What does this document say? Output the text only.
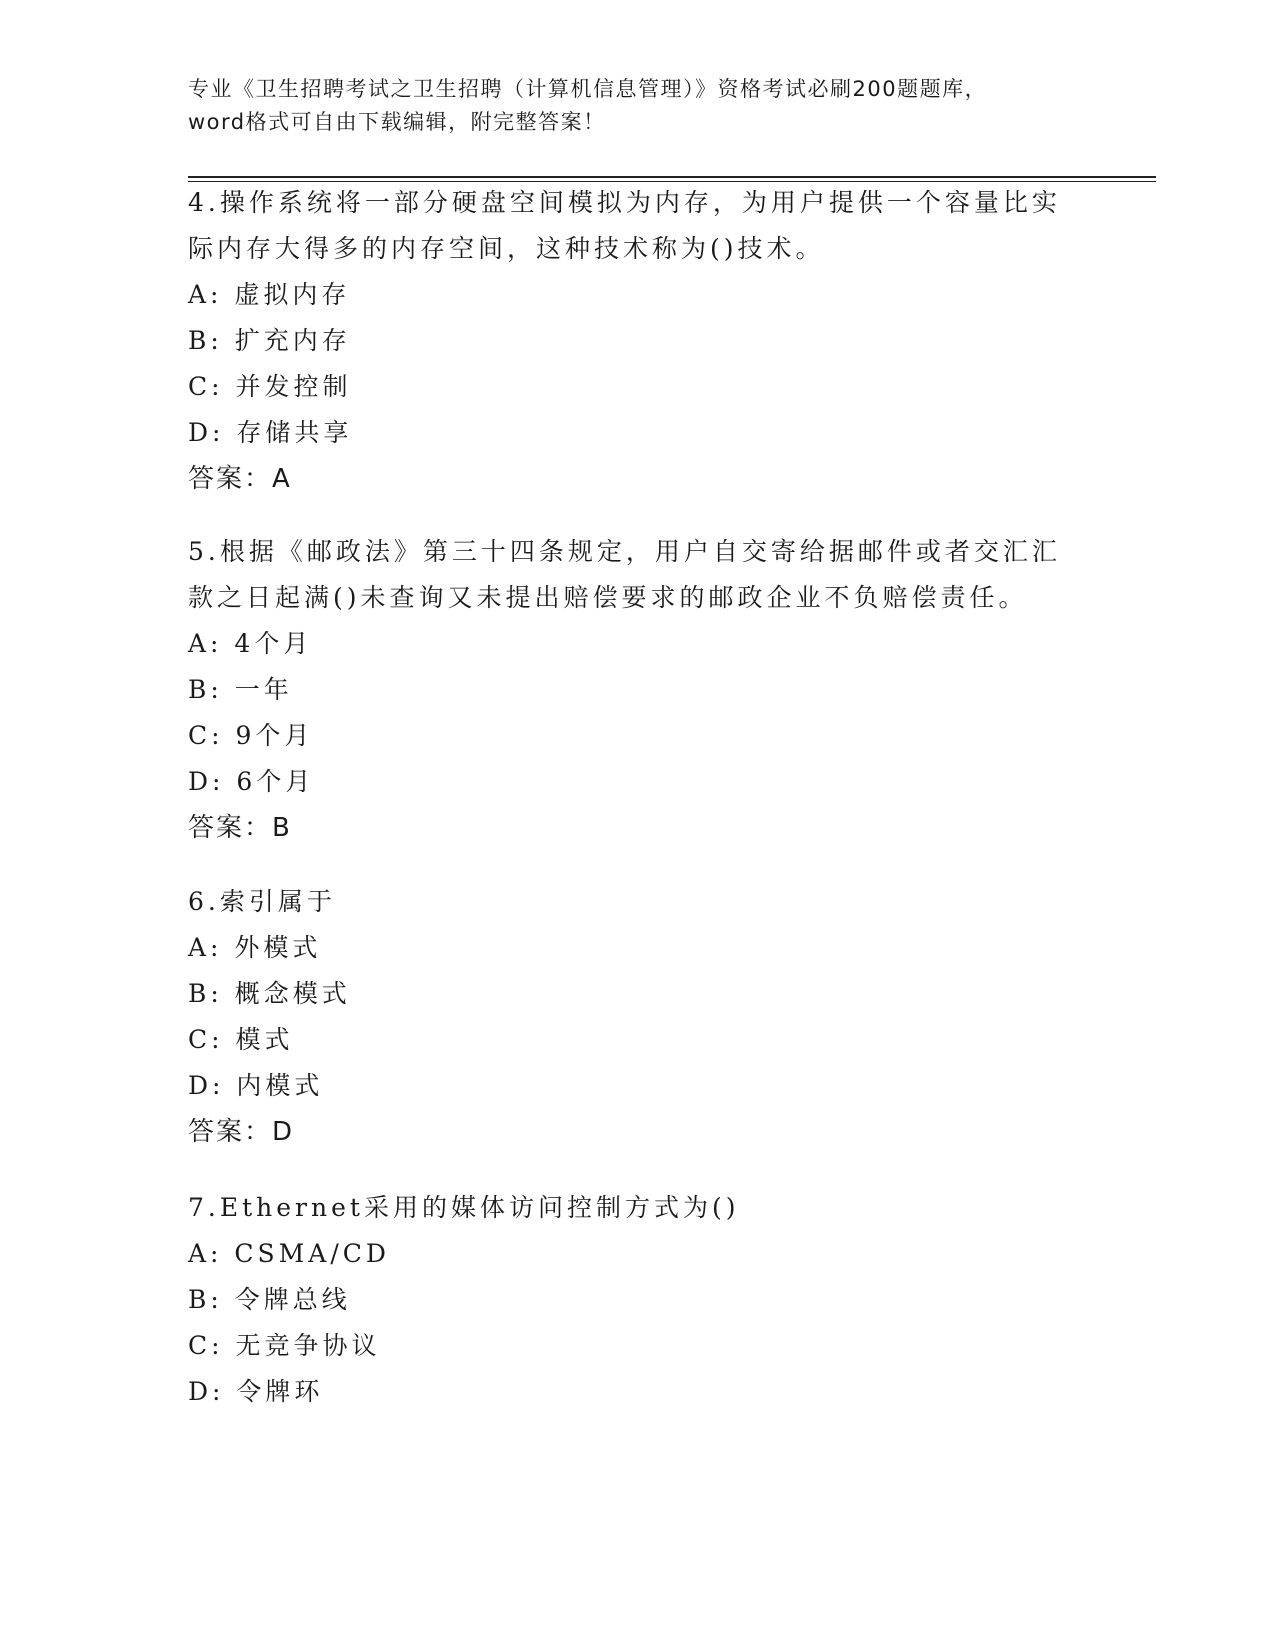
专业《卫生招聘考试之卫生招聘（计算机信息管理）》资格考试必刷200题题库，
word格式可自由下载编辑，附完整答案！
4.操作系统将一部分硬盘空间模拟为内存，为用户提供一个容量比实
际内存大得多的内存空间，这种技术称为()技术。
A: 虚拟内存
B: 扩充内存
C: 并发控制
D: 存储共享
答案：A
5.根据《邮政法》第三十四条规定，用户自交寄给据邮件或者交汇汇
款之日起满()未查询又未提出赔偿要求的邮政企业不负赔偿责任。
A: 4个月
B: 一年
C: 9个月
D: 6个月
答案：B
6.索引属于
A: 外模式
B: 概念模式
C: 模式
D: 内模式
答案：D
7.Ethernet采用的媒体访问控制方式为()
A: CSMA/CD
B: 令牌总线
C: 无竞争协议
D: 令牌环
